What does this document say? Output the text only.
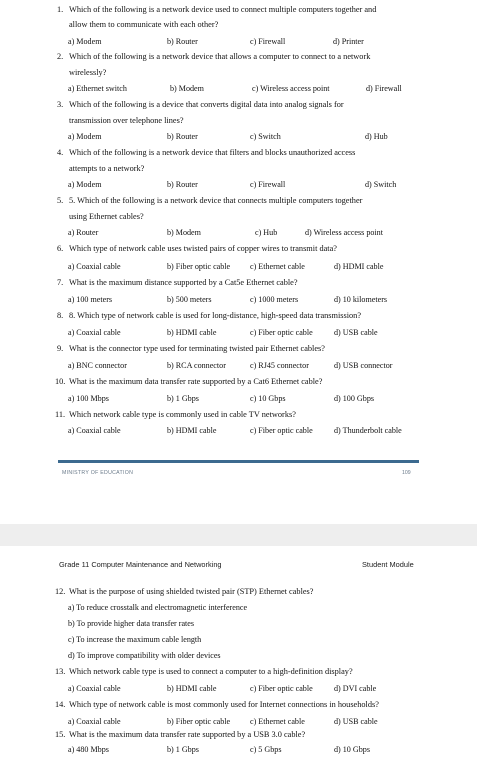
1. Which of the following is a network device used to connect multiple computers together and
allow them to communicate with each other?
a) Modem	b) Router	c) Firewall	d) Printer
2. Which of the following is a network device that allows a computer to connect to a network
wirelessly?
a) Ethernet switch	b) Modem	c) Wireless access point	d) Firewall
3. Which of the following is a device that converts digital data into analog signals for
transmission over telephone lines?
a) Modem	b) Router	c) Switch	d) Hub
4. Which of the following is a network device that filters and blocks unauthorized access
attempts to a network?
a) Modem	b) Router	c) Firewall	d) Switch
5. 5. Which of the following is a network device that connects multiple computers together
using Ethernet cables?
a) Router	b) Modem	c) Hub	d) Wireless access point
6. Which type of network cable uses twisted pairs of copper wires to transmit data?
a) Coaxial cable	b) Fiber optic cable c) Ethernet cable	d) HDMI cable
7. What is the maximum distance supported by a Cat5e Ethernet cable?
a) 100 meters	b) 500 meters	c) 1000 meters	d) 10 kilometers
8. 8. Which type of network cable is used for long-distance, high-speed data transmission?
a) Coaxial cable	b) HDMI cable	c) Fiber optic cable	d) USB cable
9. What is the connector type used for terminating twisted pair Ethernet cables?
a) BNC connector	b) RCA connector	c) RJ45 connector	d) USB connector
10. What is the maximum data transfer rate supported by a Cat6 Ethernet cable?
a) 100 Mbps	b) 1 Gbps	c) 10 Gbps	d) 100 Gbps
11. Which network cable type is commonly used in cable TV networks?
a) Coaxial cable	b) HDMI cable	c) Fiber optic cable	d) Thunderbolt cable
MINISTRY OF EDUCATION	109
Grade 11 Computer Maintenance and Networking	Student Module
12. What is the purpose of using shielded twisted pair (STP) Ethernet cables?
a) To reduce crosstalk and electromagnetic interference
b) To provide higher data transfer rates
c) To increase the maximum cable length
d) To improve compatibility with older devices
13. Which network cable type is used to connect a computer to a high-definition display?
a) Coaxial cable	b) HDMI cable	c) Fiber optic cable	d) DVI cable
14. Which type of network cable is most commonly used for Internet connections in households?
a) Coaxial cable	b) Fiber optic cable c) Ethernet cable	d) USB cable
15. What is the maximum data transfer rate supported by a USB 3.0 cable?
a) 480 Mbps	b) 1 Gbps	c) 5 Gbps	d) 10 Gbps
